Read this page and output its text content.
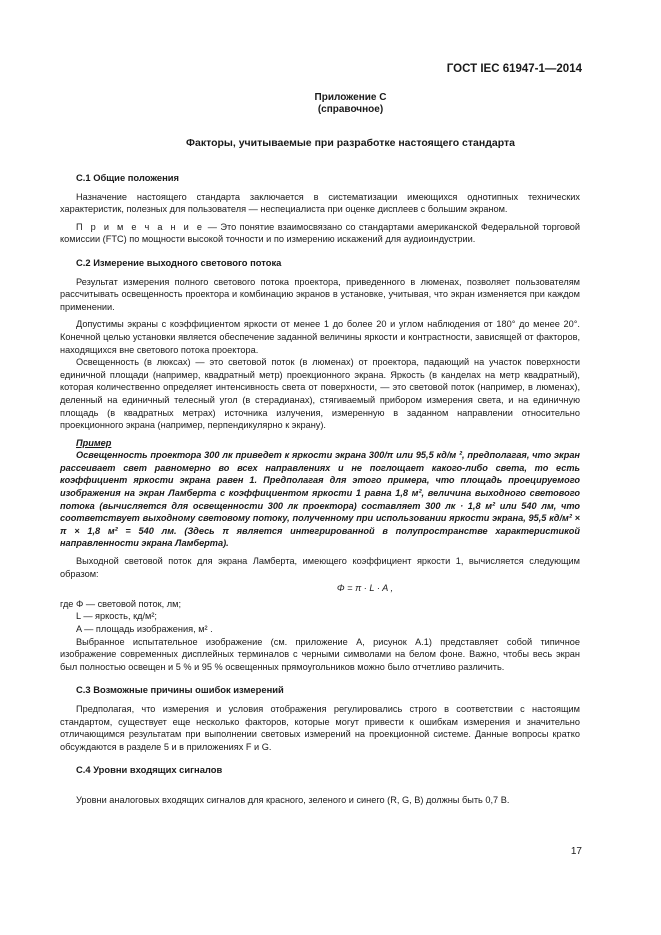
ГОСТ IEC 61947-1—2014
Приложение С
(справочное)
Факторы, учитываемые при разработке настоящего стандарта
С.1 Общие положения

Назначение настоящего стандарта заключается в систематизации имеющихся однотипных технических характеристик, полезных для пользователя — неспециалиста при оценке дисплеев с большим экраном.

П р и м е ч а н и е — Это понятие взаимосвязано со стандартами американской Федеральной торговой комиссии (FTC) по мощности высокой точности и по измерению искажений для аудиоиндустрии.

С.2 Измерение выходного светового потока

Результат измерения полного светового потока проектора, приведенного в люменах, позволяет пользователям рассчитывать освещенность проектора и комбинацию экранов в установке, учитывая, что экран изменяется при каждом применении.

Допустимы экраны с коэффициентом яркости от менее 1 до более 20 и углом наблюдения от 180° до менее 20°. Конечной целью установки является обеспечение заданной величины яркости и контрастности, зависящей от факторов, находящихся вне светового потока проектора.

Освещенность (в люксах) — это световой поток (в люменах) от проектора, падающий на участок поверхности единичной площади (например, квадратный метр) проекционного экрана. Яркость (в канделах на метр квадратный), которая количественно определяет интенсивность света от поверхности, — это световой поток (например, в люменах), деленный на единичный телесный угол (в стерадианах), стягиваемый прибором измерения света, и на единичную площадь (в квадратных метрах) источника излучения, измеренную в заданном направлении относительно проекционного экрана (например, перпендикулярно к экрану).

Пример

Освещенность проектора 300 лк приведет к яркости экрана 300/π или 95,5 кд/м ², предполагая, что экран рассеивает свет равномерно во всех направлениях и не поглощает какого-либо света, то есть коэффициент яркости экрана равен 1. Предполагая для этого примера, что площадь проецируемого изображения на экран Ламберта с коэффициентом яркости 1 равна 1,8 м², величина выходного светового потока (вычисляется для освещенности 300 лк проектора) составляет 300 лк · 1,8 м² или 540 лм, что соответствует выходному световому потоку, полученному при использовании яркости экрана, 95,5 кд/м² × π × 1,8 м² = 540 лм. (Здесь π является интегрированной в полупространстве характеристикой направленности экрана Ламберта).

Выходной световой поток для экрана Ламберта, имеющего коэффициент яркости 1, вычисляется следующим образом:

Φ = π · L · A ,
где Φ — световой поток, лм;
L — яркость, кд/м²;
A — площадь изображения, м² .

Выбранное испытательное изображение (см. приложение А, рисунок А.1) представляет собой типичное изображение современных дисплейных терминалов с черными символами на белом фоне. Важно, чтобы весь экран был полностью освещен и 5 % и 95 % освещенных прямоугольников можно было отчетливо различить.

С.3 Возможные причины ошибок измерений

Предполагая, что измерения и условия отображения регулировались строго в соответствии с настоящим стандартом, существует еще несколько факторов, которые могут привести к ошибкам измерения и значительно отличающимся результатам при выполнении световых измерений на проекционной системе. Данные вопросы кратко обсуждаются в разделе 5 и в приложениях F и G.

С.4 Уровни входящих сигналов

Уровни аналоговых входящих сигналов для красного, зеленого и синего (R, G, B) должны быть 0,7 В.

17
